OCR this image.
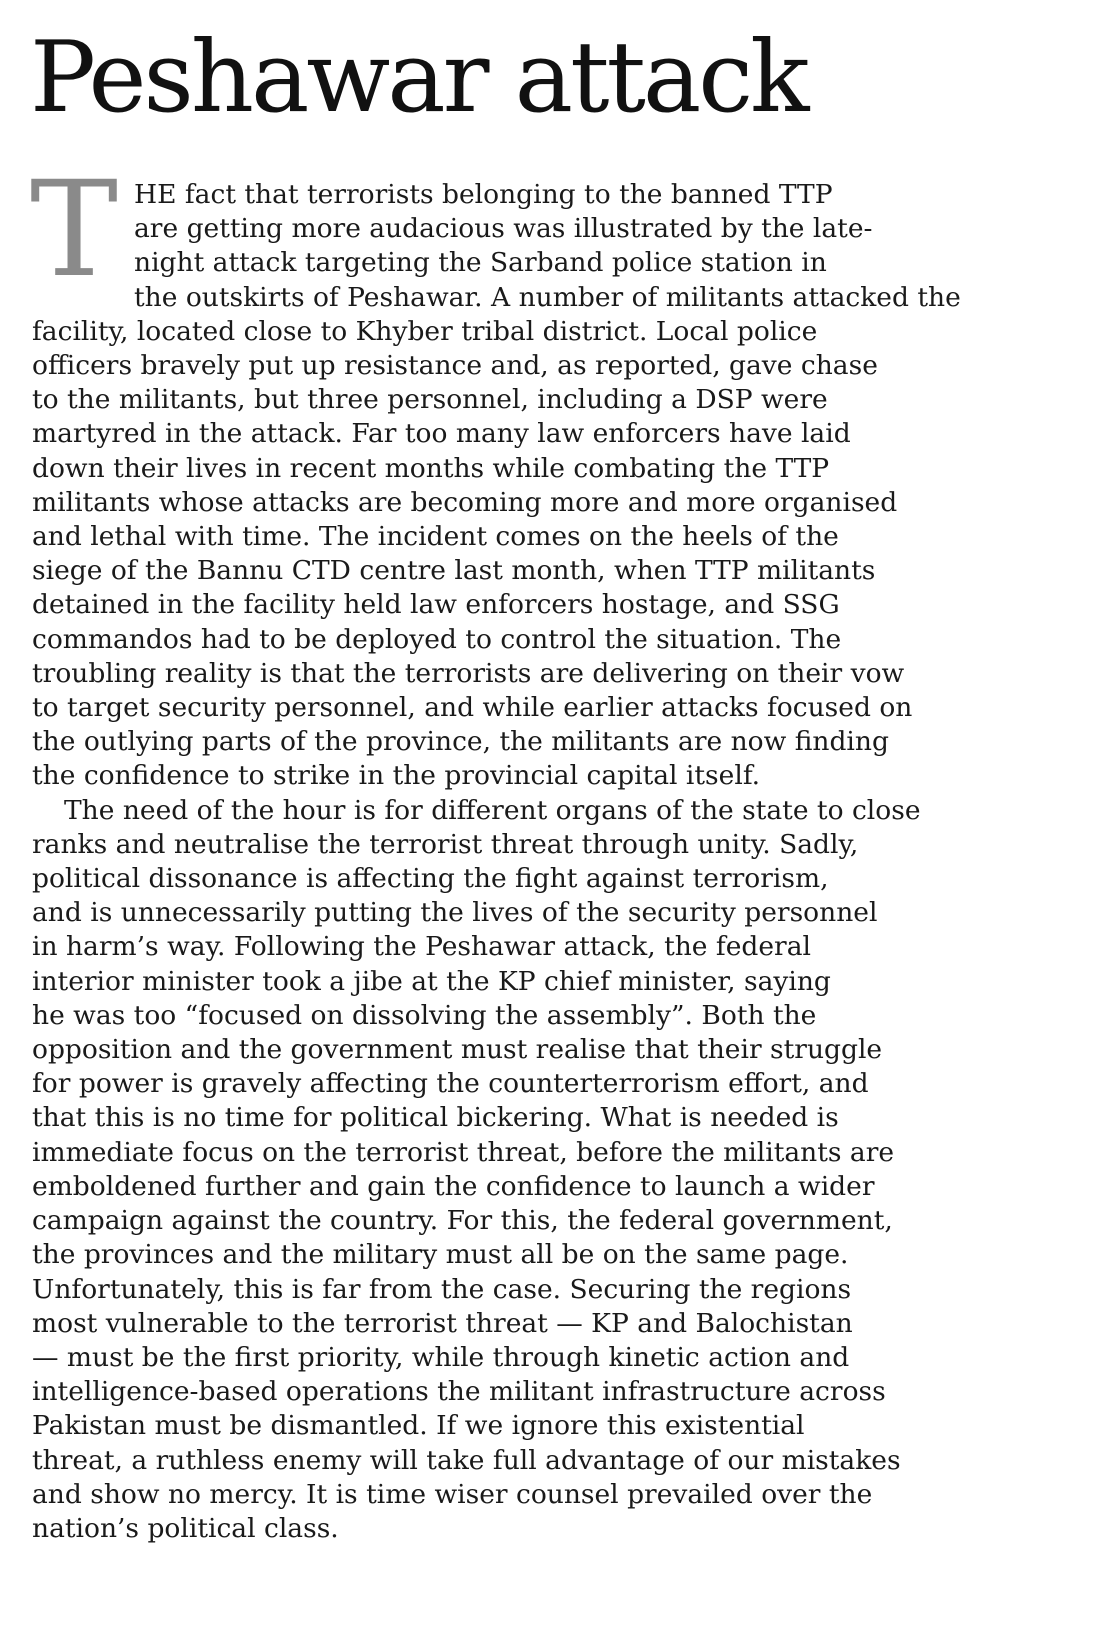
Peshawar attack
T HE fact that terrorists belonging to the banned TTP
are getting more audacious was illustrated by the late-
night attack targeting the Sarband police station in
the outskirts of Peshawar. A number of militants attacked the
facility, located close to Khyber tribal district. Local police
officers bravely put up resistance and, as reported, gave chase
to the militants, but three personnel, including a DSP were
martyred in the attack. Far too many law enforcers have laid
down their lives in recent months while combating the TTP
militants whose attacks are becoming more and more organised
and lethal with time. The incident comes on the heels of the
siege of the Bannu CTD centre last month, when TTP militants
detained in the facility held law enforcers hostage, and SSG
commandos had to be deployed to control the situation. The
troubling reality is that the terrorists are delivering on their vow
to target security personnel, and while earlier attacks focused on
the outlying parts of the province, the militants are now finding
the confidence to strike in the provincial capital itself.
The need of the hour is for different organs of the state to close
ranks and neutralise the terrorist threat through unity. Sadly,
political dissonance is affecting the fight against terrorism,
and is unnecessarily putting the lives of the security personnel
in harm’s way. Following the Peshawar attack, the federal
interior minister took a jibe at the KP chief minister, saying
he was too “focused on dissolving the assembly”. Both the
opposition and the government must realise that their struggle
for power is gravely affecting the counterterrorism effort, and
that this is no time for political bickering. What is needed is
immediate focus on the terrorist threat, before the militants are
emboldened further and gain the confidence to launch a wider
campaign against the country. For this, the federal government,
the provinces and the military must all be on the same page.
Unfortunately, this is far from the case. Securing the regions
most vulnerable to the terrorist threat — KP and Balochistan
— must be the first priority, while through kinetic action and
intelligence-based operations the militant infrastructure across
Pakistan must be dismantled. If we ignore this existential
threat, a ruthless enemy will take full advantage of our mistakes
and show no mercy. It is time wiser counsel prevailed over the
nation’s political class.
